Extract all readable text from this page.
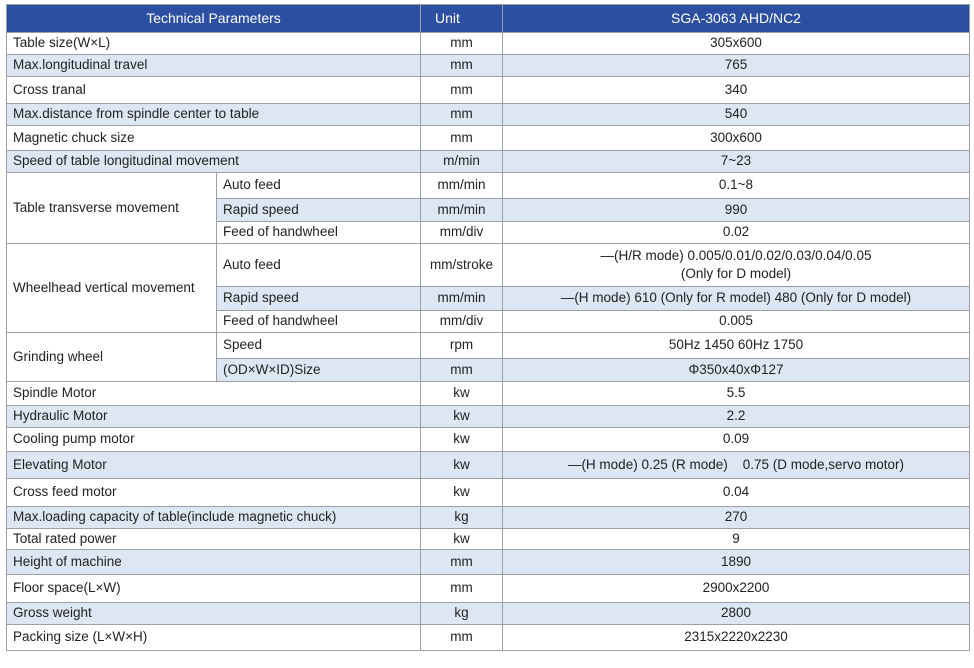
Technical Parameters		Unit	SGA-3063 AHD/NC2
Table size(W×L)		mm	305x600
Max.longitudinal travel		mm	765
Cross tranal		mm	340
Max.distance from spindle center to table		mm	540
Magnetic chuck size		mm	300x600
Speed of table longitudinal movement		m/min	7~23
Table transverse movement	Auto feed	mm/min	0.1~8
	Rapid speed	mm/min	990
	Feed of handwheel	mm/div	0.02
Wheelhead vertical movement	Auto feed	mm/stroke	—(H/R mode) 0.005/0.01/0.02/0.03/0.04/0.05
(Only for D model)

	Rapid speed	mm/min	—(H mode) 610 (Only for R model) 480 (Only for D model)
	Feed of handwheel	mm/div	0.005
Grinding wheel	Speed	rpm	50Hz 1450 60Hz 1750
	(OD×W×ID)Size	mm	Φ350x40xΦ127
Spindle Motor		kw	5.5
Hydraulic Motor		kw	2.2
Cooling pump motor		kw	0.09
Elevating Motor		kw	—(H mode) 0.25 (R mode)    0.75 (D mode,servo motor)
Cross feed motor		kw	0.04
Max.loading capacity of table(include magnetic chuck)		kg	270
Total rated power		kw	9
Height of machine		mm	1890
Floor space(L×W)		mm	2900x2200
Gross weight		kg	2800
Packing size (L×W×H)		mm	2315x2220x2230
